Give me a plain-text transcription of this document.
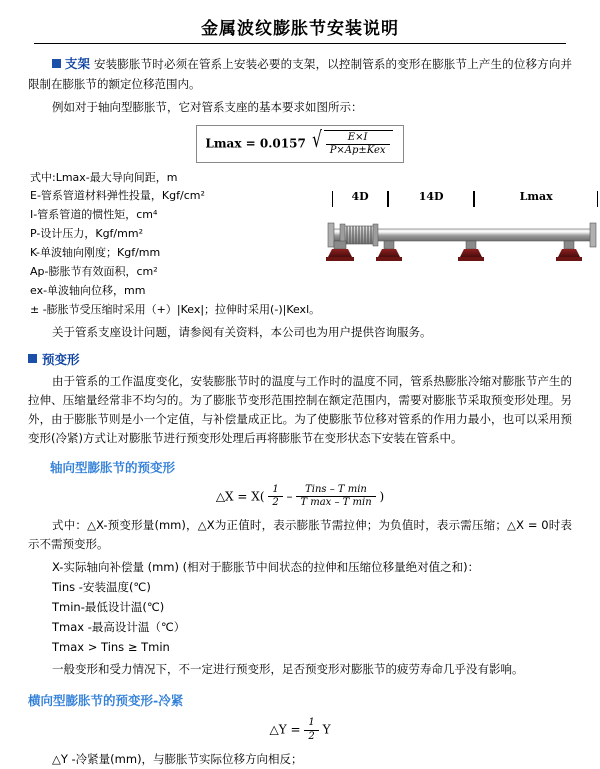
金属波纹膨胀节安装说明
支架 安装膨胀节时必须在管系上安装必要的支架，以控制管系的变形在膨胀节上产生的位移方向并限制在膨胀节的额定位移范围内。

例如对于轴向型膨胀节，它对管系支座的基本要求如图所示：

Lmax = 0.0157 √ $\frac{E\times I}{\text{P×Ap±Kex}}$
式中:Lmax-最大导向间距，m
E-管系管道材料弹性投量，Kgf/cm²
I-管系管道的惯性矩，cm⁴
P-设计压力，Kgf/mm²
K-单波轴向刚度；Kgf/mm
Ap-膨胀节有效面积，cm²
ex-单波轴向位移，mm
± -膨胀节受压缩时采用（+）|Kex|；拉伸时采用(-)|Kexl。
4D	14D	Lmax

关于管系支座设计问题，请参阅有关资料，本公司也为用户提供咨询服务。

预变形

由于管系的工作温度变化，安装膨胀节时的温度与工作时的温度不同，管系热膨胀冷缩对膨胀节产生的拉伸、压缩量经常非不均匀的。为了膨胀节变形范围控制在额定范围内，需要对膨胀节采取预变形处理。另外，由于膨胀节则是小一个定值，与补偿量成正比。为了使膨胀节位移对管系的作用力最小，也可以采用预变形(冷紧)方式让对膨胀节进行预变形处理后再将膨胀节在变形状态下安装在管系中。

轴向型膨胀节的预变形
△X = $X( \frac{1}{2} - \frac{\text{Tins – T min}}{\text{T max – T min}}$ )

式中：△X-预变形量(mm)，△X为正值时，表示膨胀节需拉伸；为负值时，表示需压缩；△X = 0时表示不需预变形。

X-实际轴向补偿量 (mm) (相对于膨胀节中间状态的拉伸和压缩位移量绝对值之和)：

Tins -安装温度(℃)

Tmin-最低设计温(℃)

Tmax -最高设计温（℃）

Tmax > Tins ≥ Tmin

一般变形和受力情况下，不一定进行预变形，足否预变形对膨胀节的疲劳寿命几乎没有影响。

横向型膨胀节的预变形-冷紧
△Y = $\frac{1}{2}$ Y

△Y -冷紧量(mm)，与膨胀节实际位移方向相反；
